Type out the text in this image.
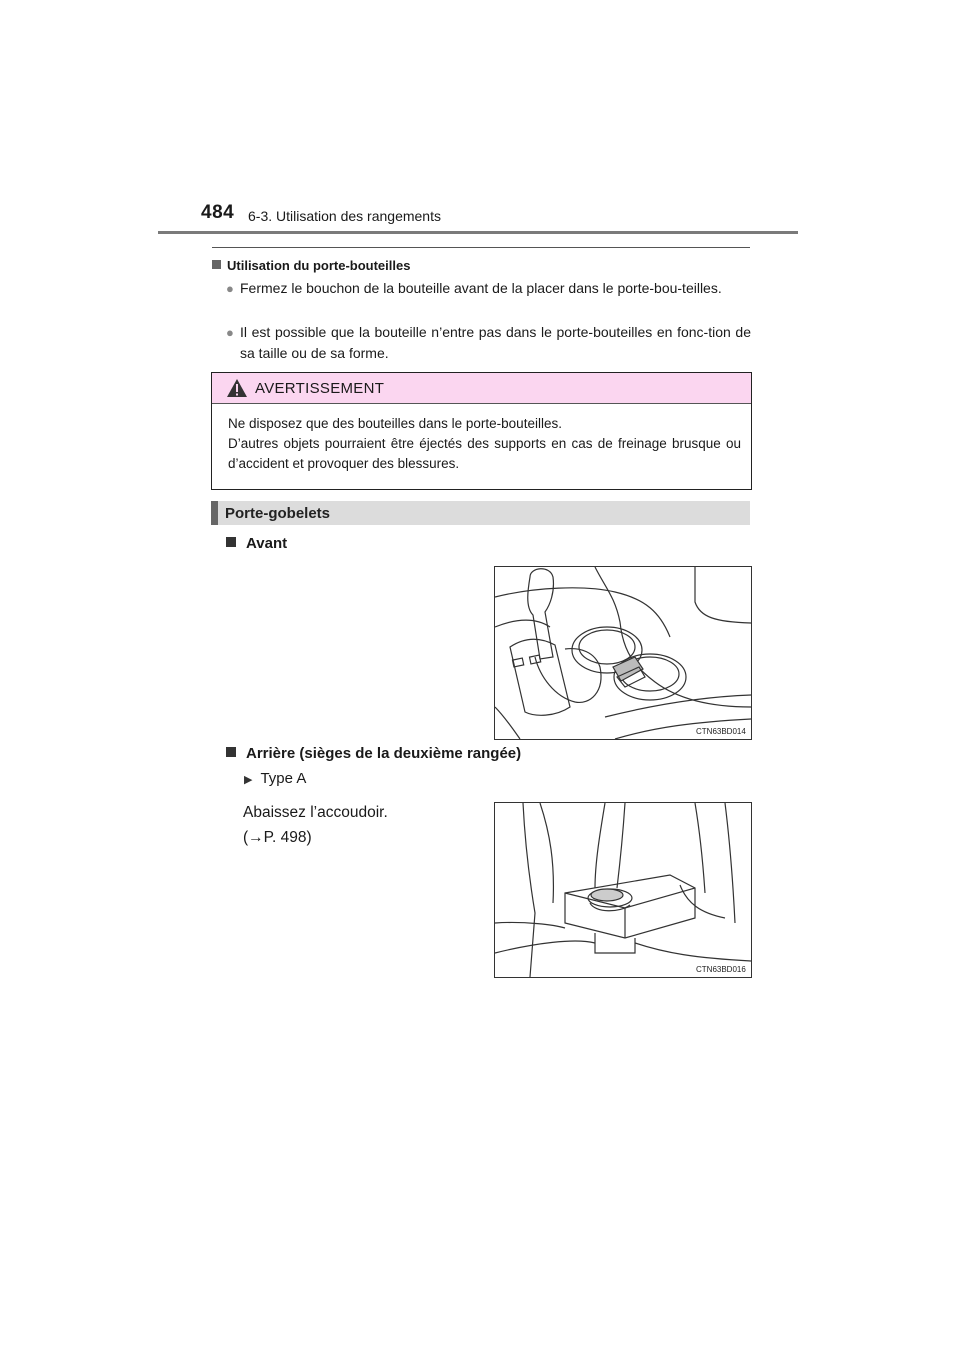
484 6-3. Utilisation des rangements
Utilisation du porte-bouteilles
● Fermez le bouchon de la bouteille avant de la placer dans le porte-bou-teilles.
● Il est possible que la bouteille n’entre pas dans le porte-bouteilles en fonc-tion de sa taille ou de sa forme.
AVERTISSEMENT
Ne disposez que des bouteilles dans le porte-bouteilles.
D’autres objets pourraient être éjectés des supports en cas de freinage brusque ou d’accident et provoquer des blessures.
Porte-gobelets
Avant
CTN63BD014
Arrière (sièges de la deuxième rangée)
▶ Type A
Abaissez l’accoudoir.
(→P. 498)
CTN63BD016
